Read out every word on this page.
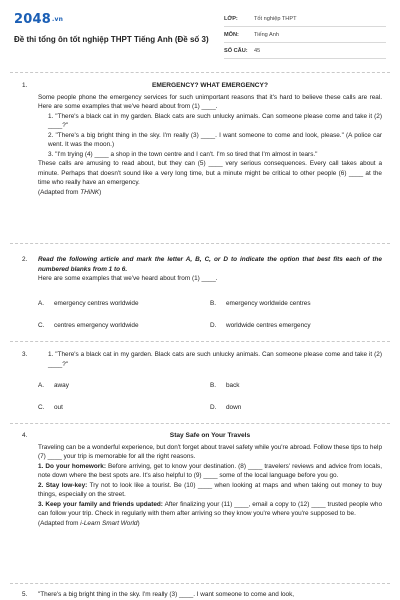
2048.vn
Đề thi tổng ôn tốt nghiệp THPT Tiếng Anh (Đề số 3)
LỚP:	Tốt nghiệp THPT
MÔN:	Tiếng Anh
SỐ CÂU: 45
1.	EMERGENCY? WHAT EMERGENCY?

Some people phone the emergency services for such unimportant reasons that it's hard to believe these calls are real. Here are some examples that we've heard about from (1) ____.

1. "There's a black cat in my garden. Black cats are such unlucky animals. Can someone please come and take it (2) ____?"

2. "There's a big bright thing in the sky. I'm really (3) ____. I want someone to come and look, please." (A police car went. It was the moon.)

3. "I'm trying (4) ____ a shop in the town centre and I can't. I'm so tired that I'm almost in tears."

These calls are amusing to read about, but they can (5) ____ very serious consequences. Every call takes about a minute. Perhaps that doesn't sound like a very long time, but a minute might be critical to other people (6) ____ at the time who really have an emergency.

(Adapted from THiNK)

2. Read the following article and mark the letter A, B, C, or D to indicate the option that best fits each of the numbered blanks from 1 to 6.

Here are some examples that we've heard about from (1) ____.

A. emergency centres worldwide	B. emergency worldwide centres
C. centres emergency worldwide	D. worldwide centres emergency
3.	1. "There's a black cat in my garden. Black cats are such unlucky animals. Can someone please come and take it (2) ____?"

A. away	B. back
C. out	D. down
4.	Stay Safe on Your Travels

Traveling can be a wonderful experience, but don't forget about travel safety while you're abroad. Follow these tips to help (7) ____ your trip is memorable for all the right reasons.

1. Do your homework: Before arriving, get to know your destination. (8) ____ travelers' reviews and advice from locals, note down where the best spots are. It's also helpful to (9) ____ some of the local language before you go.

2. Stay low-key: Try not to look like a tourist. Be (10) ____ when looking at maps and when taking out money to buy things, especially on the street.

3. Keep your family and friends updated: After finalizing your (11) ____, email a copy to (12) ____ trusted people who can follow your trip. Check in regularly with them after arriving so they know you're where you're supposed to be.

(Adapted from i-Learn Smart World)

5. "There's a big bright thing in the sky. I'm really (3) ____. I want someone to come and look,
